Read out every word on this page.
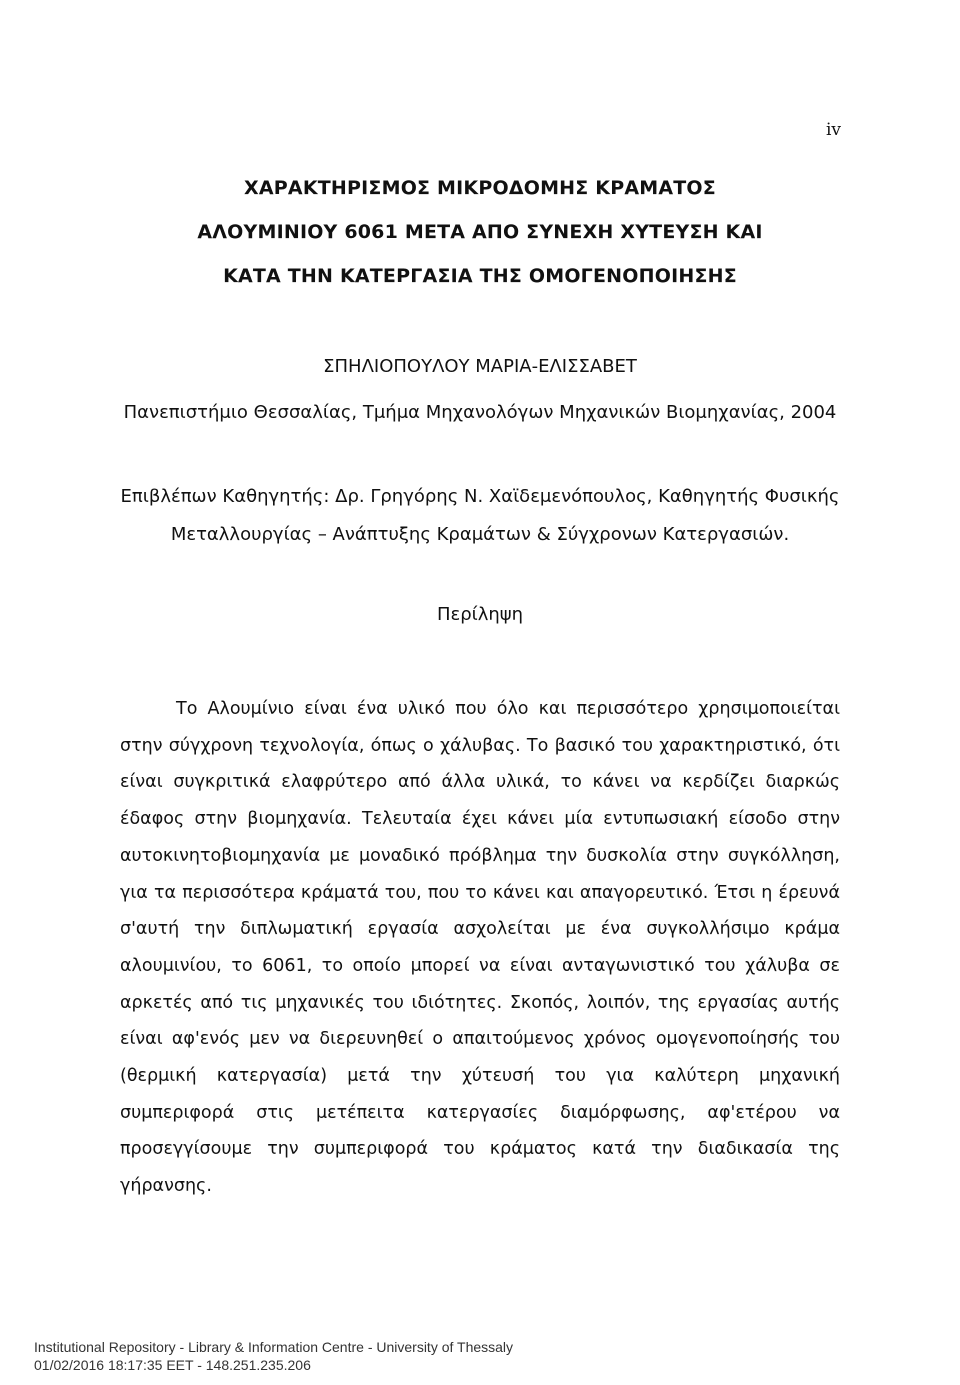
iv
ΧΑΡΑΚΤΗΡΙΣΜΟΣ ΜΙΚΡΟΔΟΜΗΣ ΚΡΑΜΑΤΟΣ
ΑΛΟΥΜΙΝΙΟΥ 6061 ΜΕΤΑ ΑΠΟ ΣΥΝΕΧΗ ΧΥΤΕΥΣΗ ΚΑΙ
ΚΑΤΑ ΤΗΝ ΚΑΤΕΡΓΑΣΙΑ ΤΗΣ ΟΜΟΓΕΝΟΠΟΙΗΣΗΣ
ΣΠΗΛΙΟΠΟΥΛΟΥ ΜΑΡΙΑ-ΕΛΙΣΣΑΒΕΤ
Πανεπιστήμιο Θεσσαλίας, Τμήμα Μηχανολόγων Μηχανικών Βιομηχανίας, 2004
Επιβλέπων Καθηγητής: Δρ. Γρηγόρης Ν. Χαϊδεμενόπουλος, Καθηγητής Φυσικής
Μεταλλουργίας – Ανάπτυξης Κραμάτων & Σύγχρονων Κατεργασιών.
Περίληψη
Το Αλουμίνιο είναι ένα υλικό που όλο και περισσότερο χρησιμοποιείται στην σύγχρονη τεχνολογία, όπως ο χάλυβας. Το βασικό του χαρακτηριστικό, ότι είναι συγκριτικά ελαφρύτερο από άλλα υλικά, το κάνει να κερδίζει διαρκώς έδαφος στην βιομηχανία. Τελευταία έχει κάνει μία εντυπωσιακή είσοδο στην αυτοκινητοβιομηχανία με μοναδικό πρόβλημα την δυσκολία στην συγκόλληση, για τα περισσότερα κράματά του, που το κάνει και απαγορευτικό. Έτσι η έρευνά σ'αυτή την διπλωματική εργασία ασχολείται με ένα συγκολλήσιμο κράμα αλουμινίου, το 6061, το οποίο μπορεί να είναι ανταγωνιστικό του χάλυβα σε αρκετές από τις μηχανικές του ιδιότητες. Σκοπός, λοιπόν, της εργασίας αυτής είναι αφ'ενός μεν να διερευνηθεί ο απαιτούμενος χρόνος ομογενοποίησής του (θερμική κατεργασία) μετά την χύτευσή του για καλύτερη μηχανική συμπεριφορά στις μετέπειτα κατεργασίες διαμόρφωσης, αφ'ετέρου να προσεγγίσουμε την συμπεριφορά του κράματος κατά την διαδικασία της γήρανσης.
Institutional Repository - Library & Information Centre - University of Thessaly
01/02/2016 18:17:35 EET - 148.251.235.206
